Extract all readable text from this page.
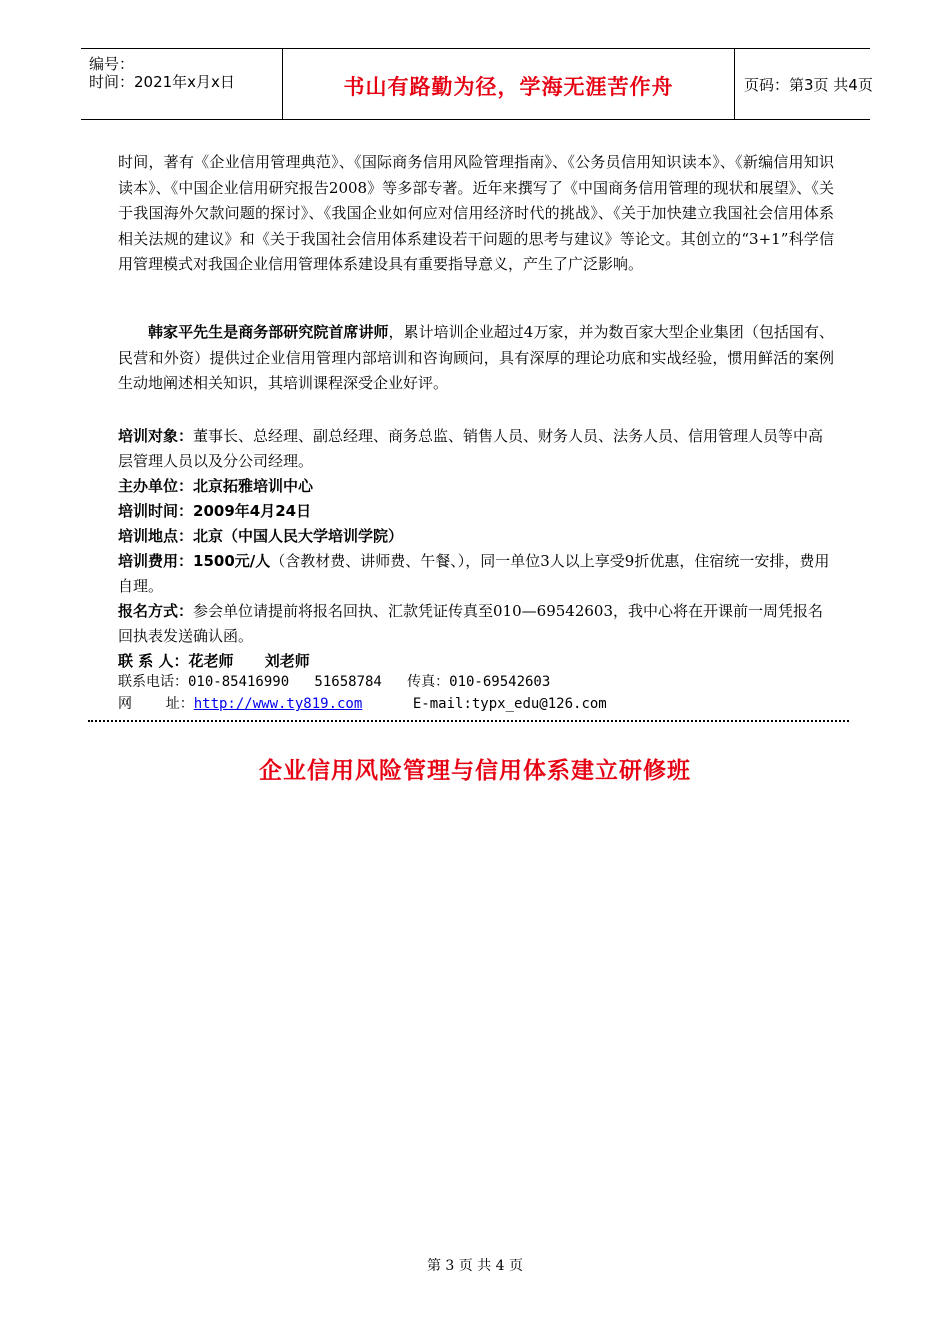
编号：
时间：2021年x月x日	书山有路勤为径，学海无涯苦作舟	页码：第3页 共4页
时间，著有《企业信用管理典范》、《国际商务信用风险管理指南》、《公务员信用知识读本》、《新编信用知识读本》、《中国企业信用研究报告2008》等多部专著。近年来撰写了《中国商务信用管理的现状和展望》、《关于我国海外欠款问题的探讨》、《我国企业如何应对信用经济时代的挑战》、《关于加快建立我国社会信用体系相关法规的建议》和《关于我国社会信用体系建设若干问题的思考与建议》等论文。其创立的“3+1”科学信用管理模式对我国企业信用管理体系建设具有重要指导意义，产生了广泛影响。
韩家平先生是商务部研究院首席讲师，累计培训企业超过4万家，并为数百家大型企业集团（包括国有、民营和外资）提供过企业信用管理内部培训和咨询顾问，具有深厚的理论功底和实战经验，惯用鲜活的案例生动地阐述相关知识，其培训课程深受企业好评。
培训对象：董事长、总经理、副总经理、商务总监、销售人员、财务人员、法务人员、信用管理人员等中高层管理人员以及分公司经理。
主办单位：北京拓雅培训中心
培训时间：2009年4月24日
培训地点：北京（中国人民大学培训学院）
培训费用：1500元/人（含教材费、讲师费、午餐、），同一单位3人以上享受9折优惠，住宿统一安排，费用自理。
报名方式：参会单位请提前将报名回执、汇款凭证传真至010—69542603，我中心将在开课前一周凭报名回执表发送确认函。
联 系 人：花老师      刘老师
联系电话：010-85416990   51658784   传真：010-69542603
网    址：http://www.ty819.com      E-mail:typx_edu@126.com
企业信用风险管理与信用体系建立研修班
第 3 页 共 4 页
